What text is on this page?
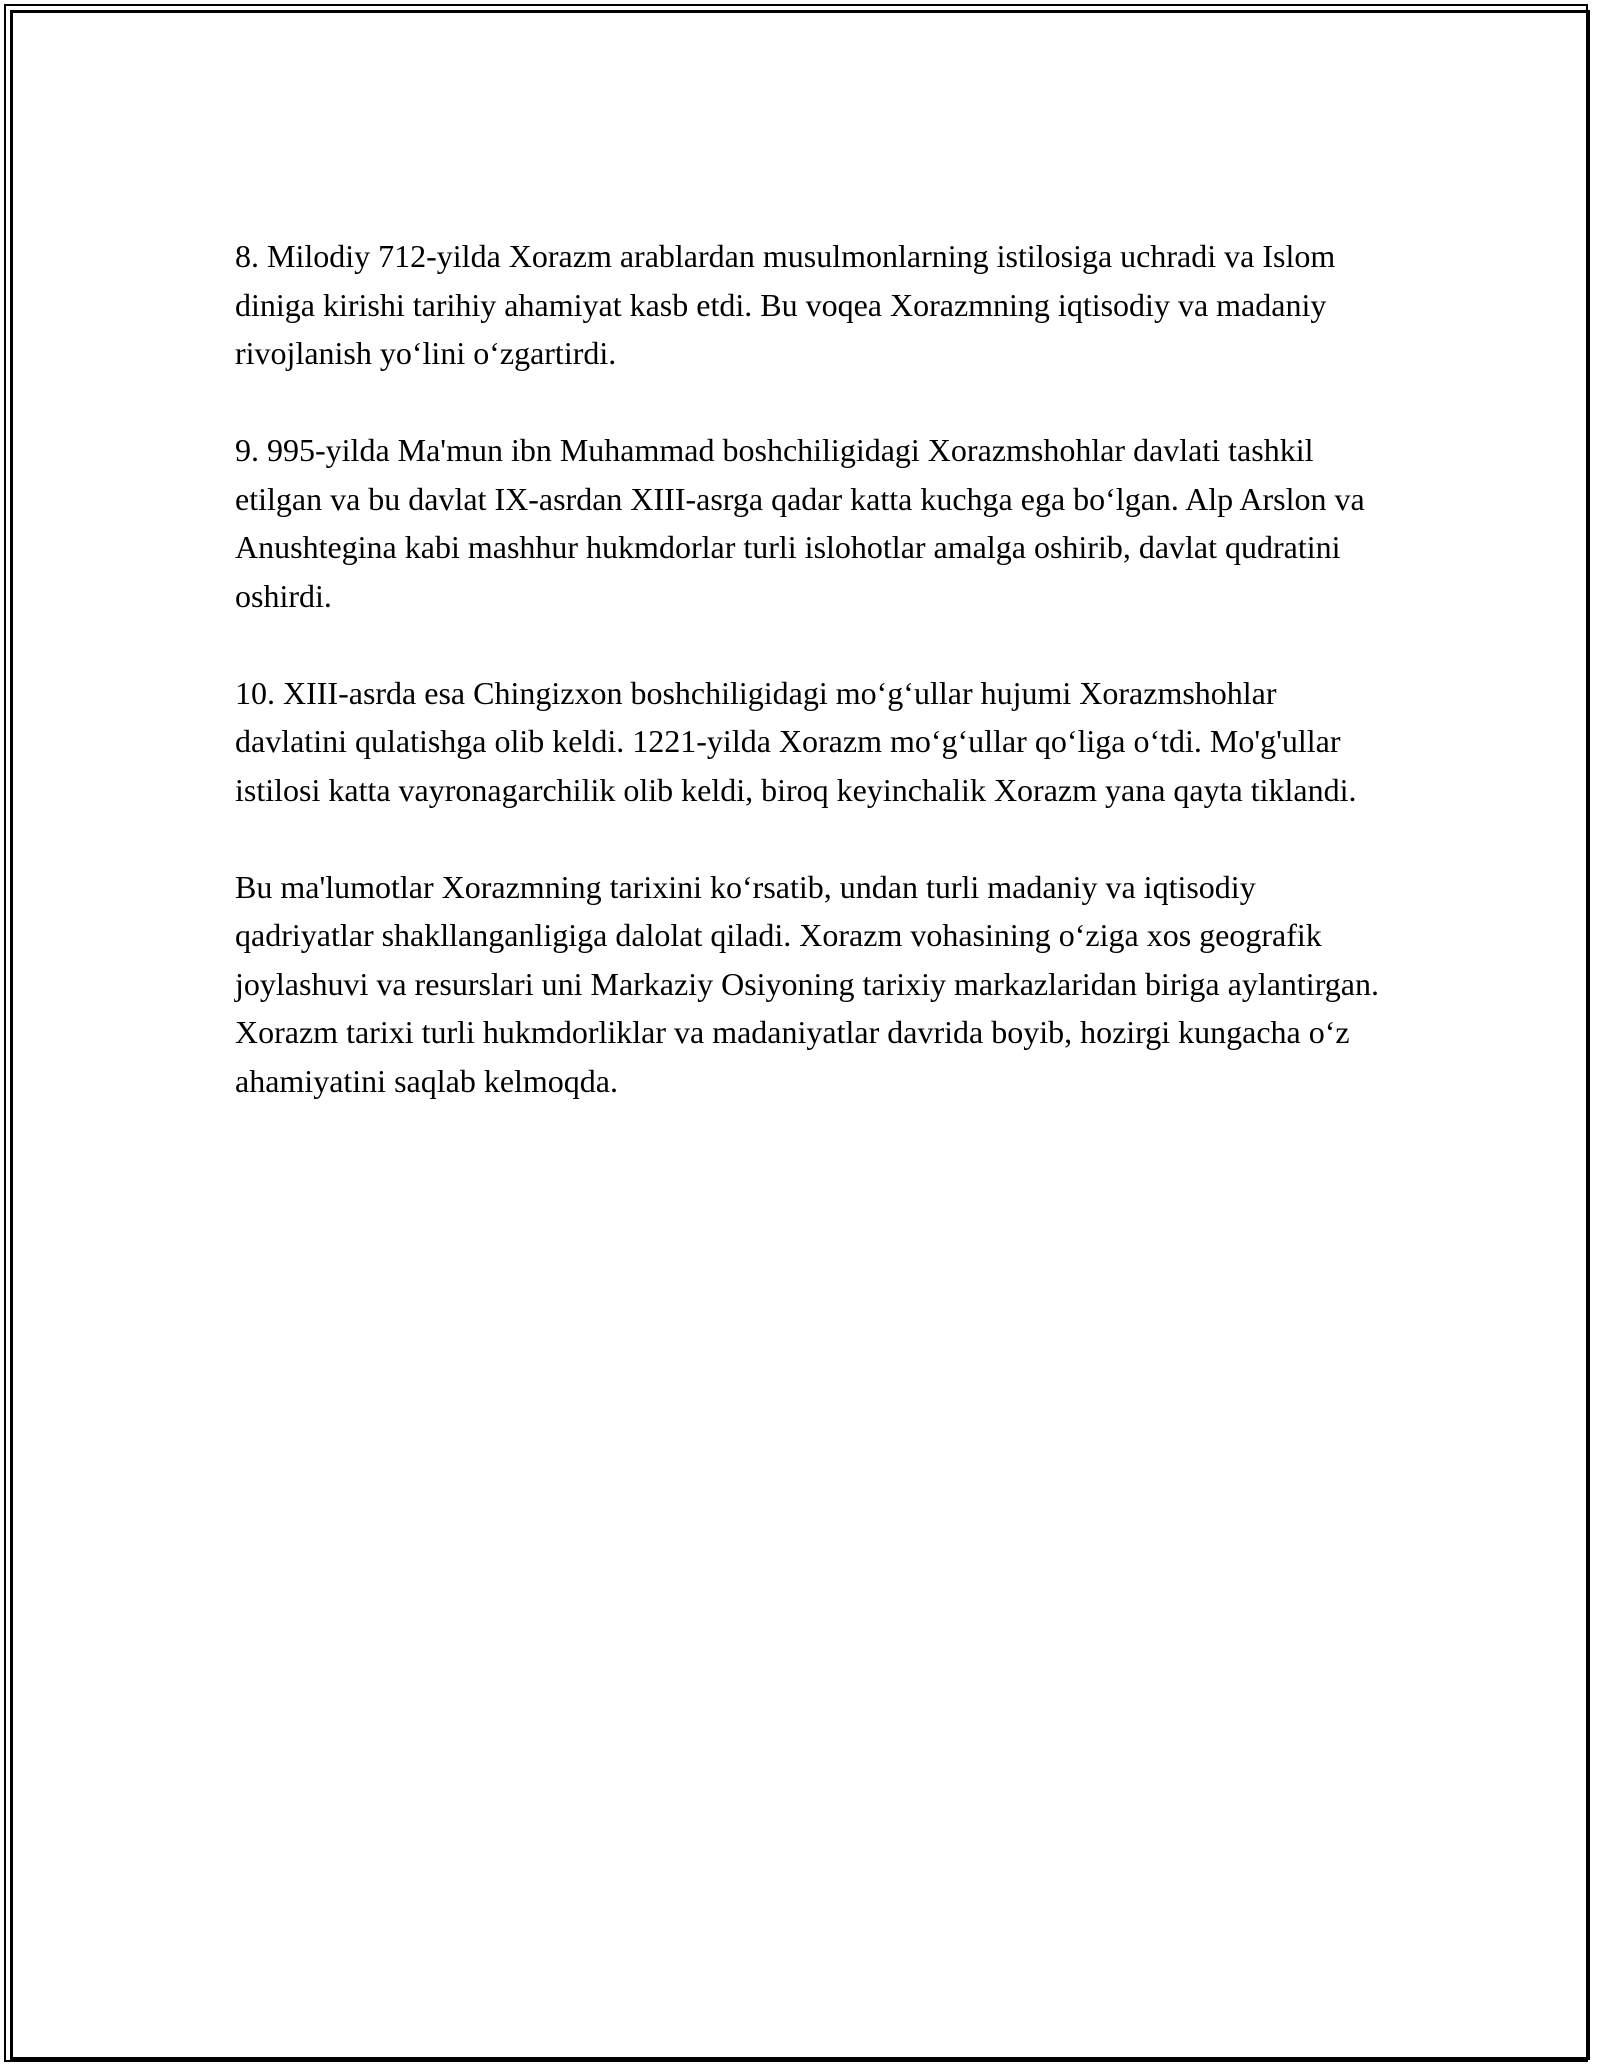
8. Milodiy 712-yilda Xorazm arablardan musulmonlarning istilosiga uchradi va Islom diniga kirishi tarihiy ahamiyat kasb etdi. Bu voqea Xorazmning iqtisodiy va madaniy rivojlanish yoʻlini oʻzgartirdi.

9. 995-yilda Ma'mun ibn Muhammad boshchiligidagi Xorazmshohlar davlati tashkil etilgan va bu davlat IX-asrdan XIII-asrga qadar katta kuchga ega boʻlgan. Alp Arslon va Anushtegina kabi mashhur hukmdorlar turli islohotlar amalga oshirib, davlat qudratini oshirdi.

10. XIII-asrda esa Chingizxon boshchiligidagi moʻgʻullar hujumi Xorazmshohlar davlatini qulatishga olib keldi. 1221-yilda Xorazm moʻgʻullar qoʻliga oʻtdi. Mo'g'ullar istilosi katta vayronagarchilik olib keldi, biroq keyinchalik Xorazm yana qayta tiklandi.

Bu ma'lumotlar Xorazmning tarixini koʻrsatib, undan turli madaniy va iqtisodiy qadriyatlar shakllanganligiga dalolat qiladi. Xorazm vohasining oʻziga xos geografik joylashuvi va resurslari uni Markaziy Osiyoning tarixiy markazlaridan biriga aylantirgan. Xorazm tarixi turli hukmdorliklar va madaniyatlar davrida boyib, hozirgi kungacha oʻz ahamiyatini saqlab kelmoqda.
